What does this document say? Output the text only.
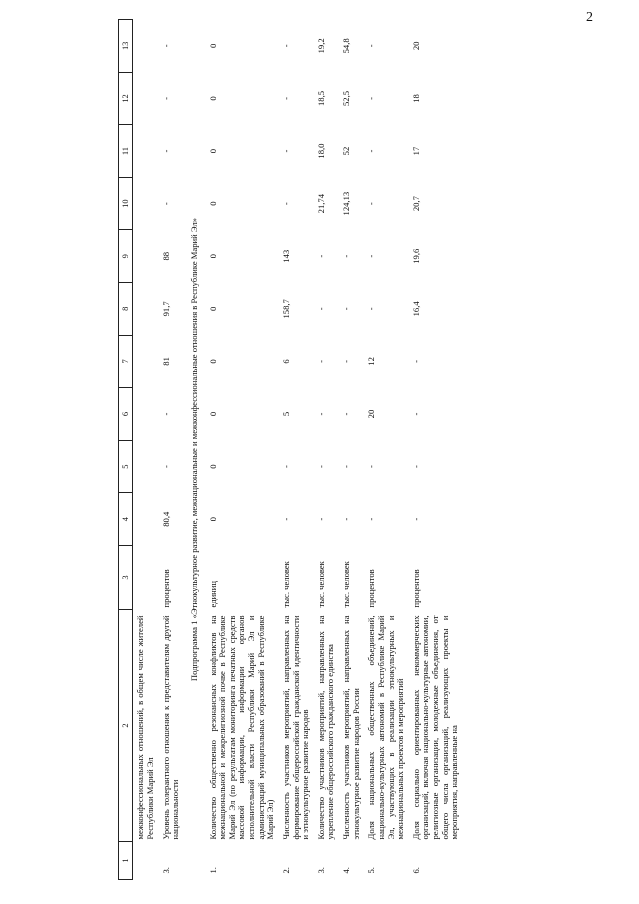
2
1	2	3	4	5	6	7	8	9	10	11	12	13
	межконфессиональных отношений, в общем числе жителей Республики Марий Эл											
3.	Уровень толерантного отношения к представителям другой национальности	процентов	80,4	-	-	81	91,7	88	-	-	-	-
Подпрограмма 1 «Этнокультурное развитие, межнациональные и межконфессиональные отношения в Республике Марий Эл»												
1.	Количество общественно резонансных конфликтов на межнациональной и межрелигиозной почве в Республике Марий Эл (по результатам мониторинга печатных средств массовой информации, информации органов исполнительной власти Республики Марий Эл и администраций муниципальных образований в Республике Марий Эл)	единиц	0	0	0	0	0	0	0	0	0	0
2.	Численность участников мероприятий, направленных на формирование общероссийской гражданской идентичности и этнокультурное развитие народов	тыс. человек	-	-	5	6	158,7	143	-	-	-	-
3.	Количество участников мероприятий, направленных на укрепление общероссийского гражданского единства	тыс. человек	-	-	-	-	-	-	21,74	18,0	18,5	19,2
4.	Численность участников мероприятий, направленных на этнокультурное развитие народов России	тыс. человек	-	-	-	-	-	-	124,13	52	52,5	54,8
5.	Доля национальных общественных объединений, национально-культурных автономий в Республике Марий Эл, участвующих в реализации этнокультурных и межнациональных проектов и мероприятий	процентов	-	-	20	12	-	-	-	-	-	-
6.	Доля социально ориентированных некоммерческих организаций, включая национально-культурные автономии, религиозные организации, молодежные объединения, от общего числа организаций, реализующих проекты и мероприятия, направленные на	процентов	-	-	-	-	16,4	19,6	20,7	17	18	20
